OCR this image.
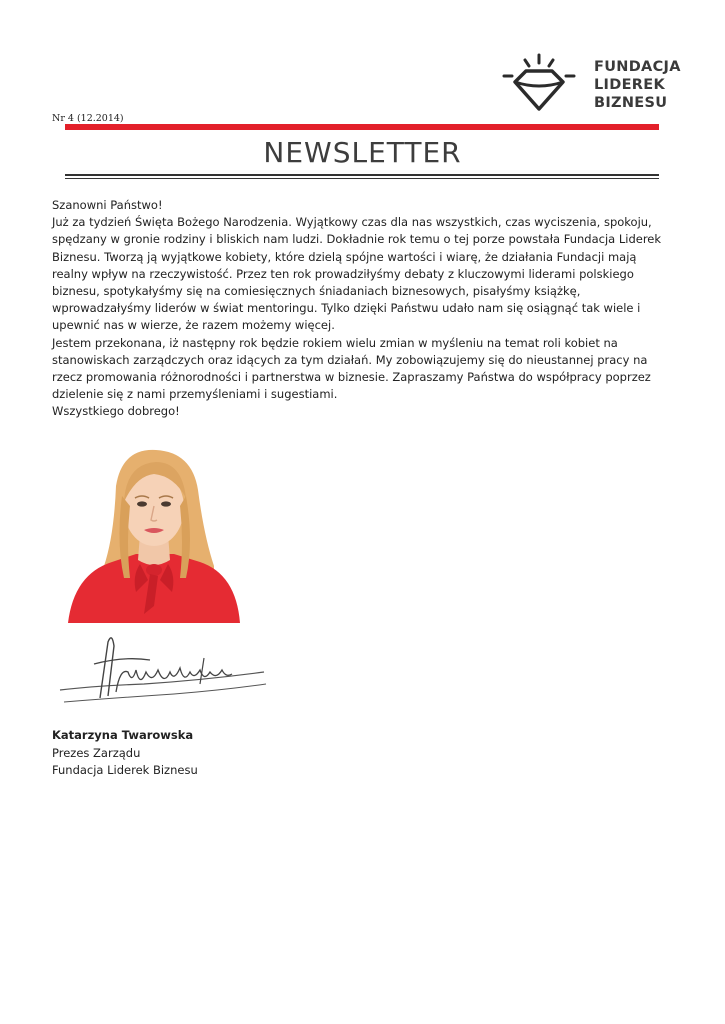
FUNDACJA
LIDEREK
BIZNESU
Nr 4 (12.2014)
NEWSLETTER

Szanowni Państwo!

Już za tydzień Święta Bożego Narodzenia. Wyjątkowy czas dla nas wszystkich, czas wyciszenia, spokoju, spędzany w gronie rodziny i bliskich nam ludzi. Dokładnie rok temu o tej porze powstała Fundacja Liderek Biznesu. Tworzą ją wyjątkowe kobiety, które dzielą spójne wartości i wiarę, że działania Fundacji mają realny wpływ na rzeczywistość. Przez ten rok prowadziłyśmy debaty z kluczowymi liderami polskiego biznesu, spotykałyśmy się na comiesięcznych śniadaniach biznesowych, pisałyśmy książkę, wprowadzałyśmy liderów w świat mentoringu. Tylko dzięki Państwu udało nam się osiągnąć tak wiele i upewnić nas w wierze, że razem możemy więcej.

Jestem przekonana, iż następny rok będzie rokiem wielu zmian w myśleniu na temat roli kobiet na stanowiskach zarządczych oraz idących za tym działań. My zobowiązujemy się do nieustannej pracy na rzecz promowania różnorodności i partnerstwa w biznesie. Zapraszamy Państwa do współpracy poprzez dzielenie się z nami przemyśleniami i sugestiami.

Wszystkiego dobrego!

Katarzyna Twarowska
Prezes Zarządu
Fundacja Liderek Biznesu
